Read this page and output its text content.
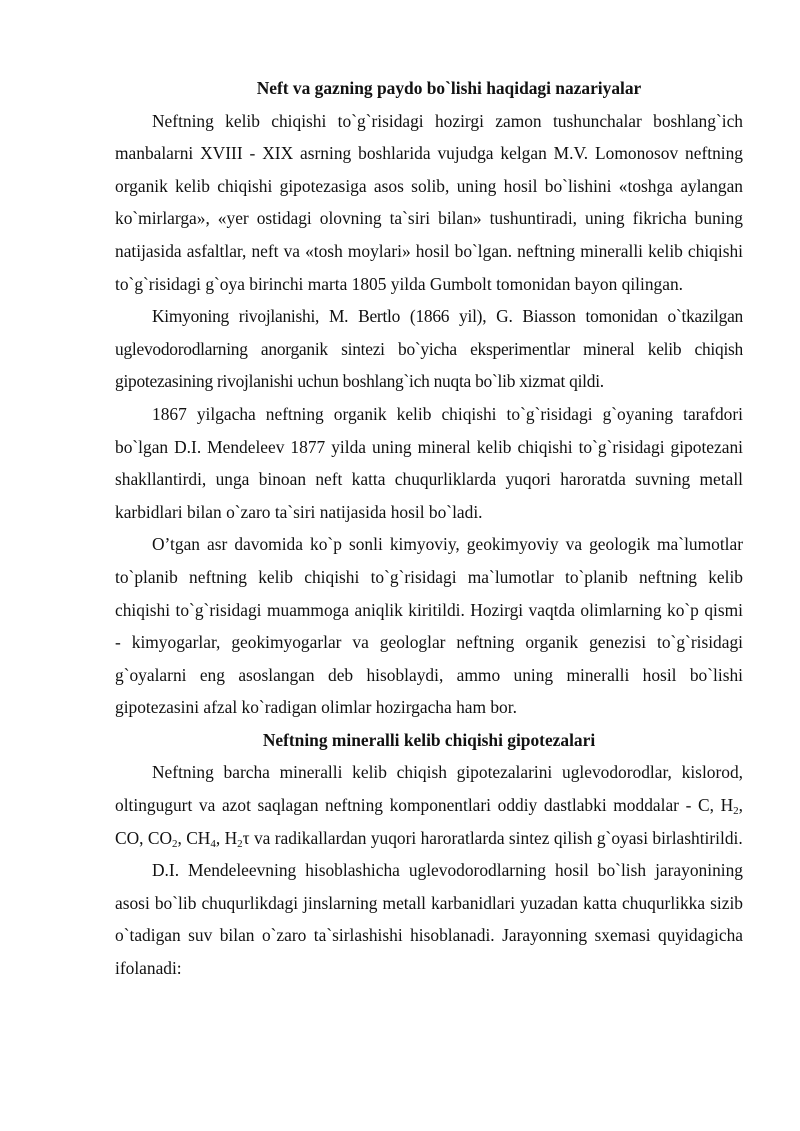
Neft va gazning paydo bo`lishi haqidagi nazariyalar

Neftning kelib chiqishi to`g`risidagi hozirgi zamon tushunchalar boshlang`ich manbalarni XVIII - XIX asrning boshlarida vujudga kelgan M.V. Lomonosov neftning organik kelib chiqishi gipotezasiga asos solib, uning hosil bo`lishini «toshga aylangan ko`mirlarga», «yer ostidagi olovning ta`siri bilan» tushuntiradi, uning fikricha buning natijasida asfaltlar, neft va «tosh moylari» hosil bo`lgan. neftning mineralli kelib chiqishi to`g`risidagi g`oya birinchi marta 1805 yilda Gumbolt tomonidan bayon qilingan.

Kimyoning rivojlanishi, M. Bertlo (1866 yil), G. Biasson tomonidan o`tkazilgan uglevodorodlarning anorganik sintezi bo`yicha eksperimentlar mineral kelib chiqish gipotezasining rivojlanishi uchun boshlang`ich nuqta bo`lib xizmat qildi.

1867 yilgacha neftning organik kelib chiqishi to`g`risidagi g`oyaning tarafdori bo`lgan D.I. Mendeleev 1877 yilda uning mineral kelib chiqishi to`g`risidagi gipotezani shakllantirdi, unga binoan neft katta chuqurliklarda yuqori haroratda suvning metall karbidlari bilan o`zaro ta`siri natijasida hosil bo`ladi.

O’tgan asr davomida ko`p sonli kimyoviy, geokimyoviy va geologik ma`lumotlar to`planib neftning kelib chiqishi to`g`risidagi ma`lumotlar to`planib neftning kelib chiqishi to`g`risidagi muammoga aniqlik kiritildi. Hozirgi vaqtda olimlarning ko`p qismi - kimyogarlar, geokimyogarlar va geologlar neftning organik genezisi to`g`risidagi g`oyalarni eng asoslangan deb hisoblaydi, ammo uning mineralli hosil bo`lishi gipotezasini afzal ko`radigan olimlar hozirgacha ham bor.

Neftning mineralli kelib chiqishi gipotezalari

Neftning barcha mineralli kelib chiqish gipotezalarini uglevodorodlar, kislorod, oltingugurt va azot saqlagan neftning komponentlari oddiy dastlabki moddalar - C, $H_2$, CO, $CO_2$, $CH_4$, $H_2\tau$ va radikallardan yuqori haroratlarda sintez qilish g`oyasi birlashtirildi.

D.I. Mendeleevning hisoblashicha uglevodorodlarning hosil bo`lish jarayonining asosi bo`lib chuqurlikdagi jinslarning metall karbanidlari yuzadan katta chuqurlikka sizib o`tadigan suv bilan o`zaro ta`sirlashishi hisoblanadi. Jarayonning sxemasi quyidagicha ifolanadi:
